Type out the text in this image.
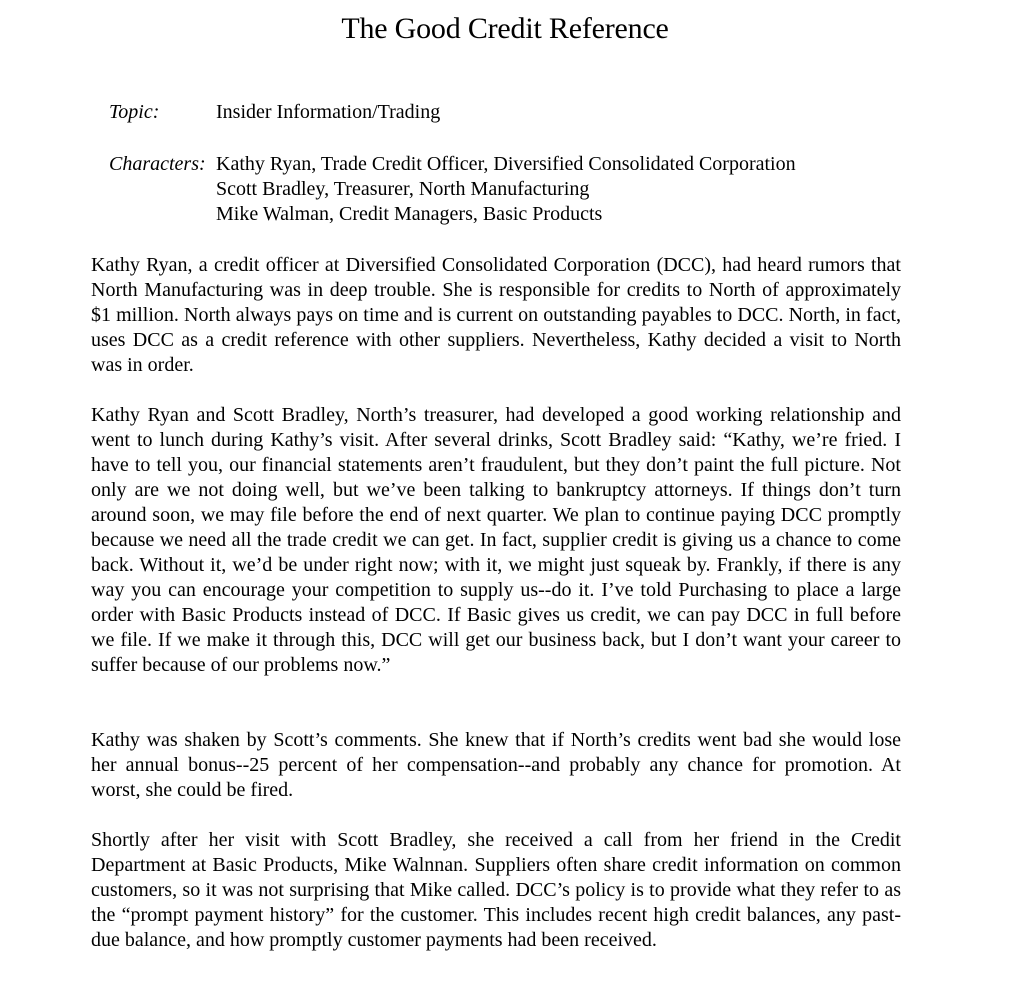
The Good Credit Reference
Topic:	Insider Information/Trading
Characters: Kathy Ryan, Trade Credit Officer, Diversified Consolidated Corporation
Scott Bradley, Treasurer, North Manufacturing
Mike Walman, Credit Managers, Basic Products

Kathy Ryan, a credit officer at Diversified Consolidated Corporation (DCC), had heard rumors that North Manufacturing was in deep trouble. She is responsible for credits to North of approximately $1 million. North always pays on time and is current on outstanding payables to DCC. North, in fact, uses DCC as a credit reference with other suppliers. Nevertheless, Kathy decided a visit to North was in order.

Kathy Ryan and Scott Bradley, North’s treasurer, had developed a good working relationship and went to lunch during Kathy’s visit. After several drinks, Scott Bradley said: “Kathy, we’re fried. I have to tell you, our financial statements aren’t fraudulent, but they don’t paint the full picture. Not only are we not doing well, but we’ve been talking to bankruptcy attorneys. If things don’t turn around soon, we may file before the end of next quarter. We plan to continue paying DCC promptly because we need all the trade credit we can get. In fact, supplier credit is giving us a chance to come back. Without it, we’d be under right now; with it, we might just squeak by. Frankly, if there is any way you can encourage your competition to supply us--do it. I’ve told Purchasing to place a large order with Basic Products instead of DCC. If Basic gives us credit, we can pay DCC in full before we file. If we make it through this, DCC will get our business back, but I don’t want your career to suffer because of our problems now.”

Kathy was shaken by Scott’s comments. She knew that if North’s credits went bad she would lose her annual bonus--25 percent of her compensation--and probably any chance for promotion. At worst, she could be fired.

Shortly after her visit with Scott Bradley, she received a call from her friend in the Credit Department at Basic Products, Mike Walnnan. Suppliers often share credit information on common customers, so it was not surprising that Mike called. DCC’s policy is to provide what they refer to as the “prompt payment history” for the customer. This includes recent high credit balances, any past-due balance, and how promptly customer payments had been received.
